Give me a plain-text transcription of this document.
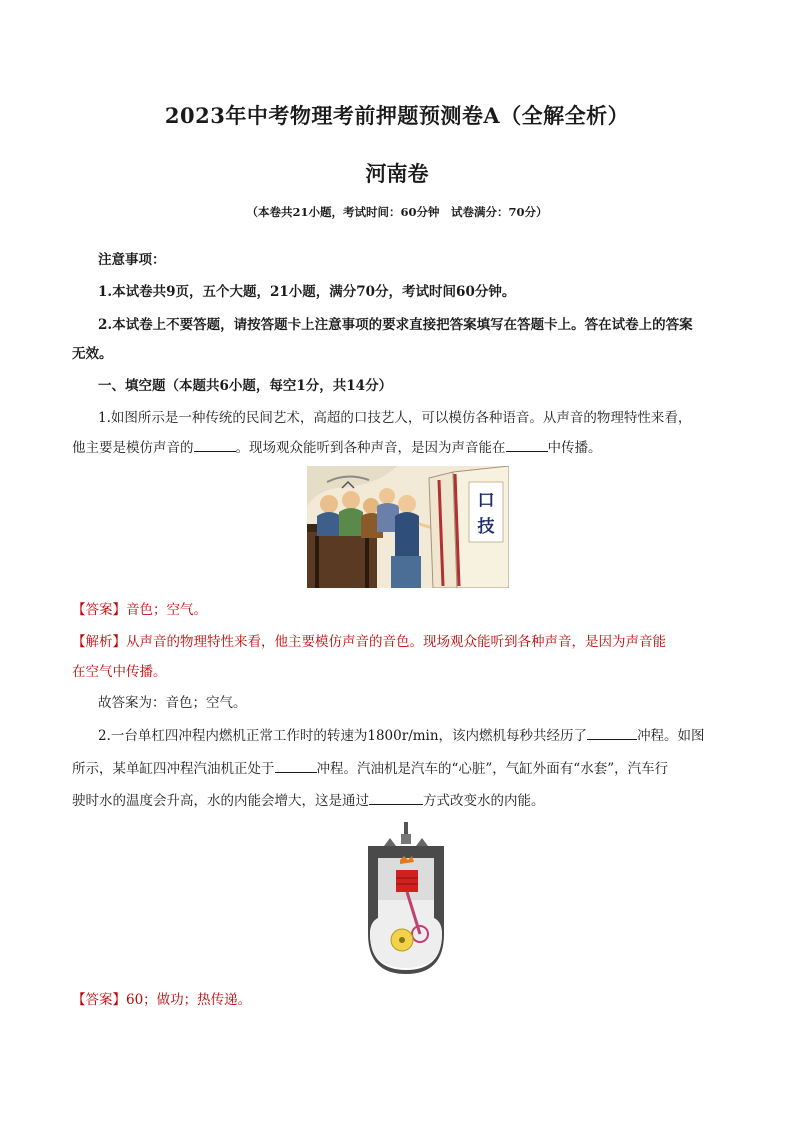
2023年中考物理考前押题预测卷A（全解全析）
河南卷
（本卷共21小题，考试时间：60分钟　试卷满分：70分）
注意事项：
1.本试卷共9页，五个大题，21小题，满分70分，考试时间60分钟。
2.本试卷上不要答题，请按答题卡上注意事项的要求直接把答案填写在答题卡上。答在试卷上的答案
无效。
一、填空题（本题共6小题，每空1分，共14分）
1.如图所示是一种传统的民间艺术，高超的口技艺人，可以模仿各种语音。从声音的物理特性来看，
他主要是模仿声音的	。现场观众能听到各种声音，是因为声音能在	中传播。
口
技
【答案】音色；空气。
【解析】从声音的物理特性来看，他主要模仿声音的音色。现场观众能听到各种声音，是因为声音能
在空气中传播。
故答案为：音色；空气。
2.一台单杠四冲程内燃机正常工作时的转速为1800r/min，该内燃机每秒共经历了	冲程。如图
所示，某单缸四冲程汽油机正处于	冲程。汽油机是汽车的“心脏”，气缸外面有“水套”，汽车行
驶时水的温度会升高，水的内能会增大，这是通过	方式改变水的内能。
【答案】60；做功；热传递。
